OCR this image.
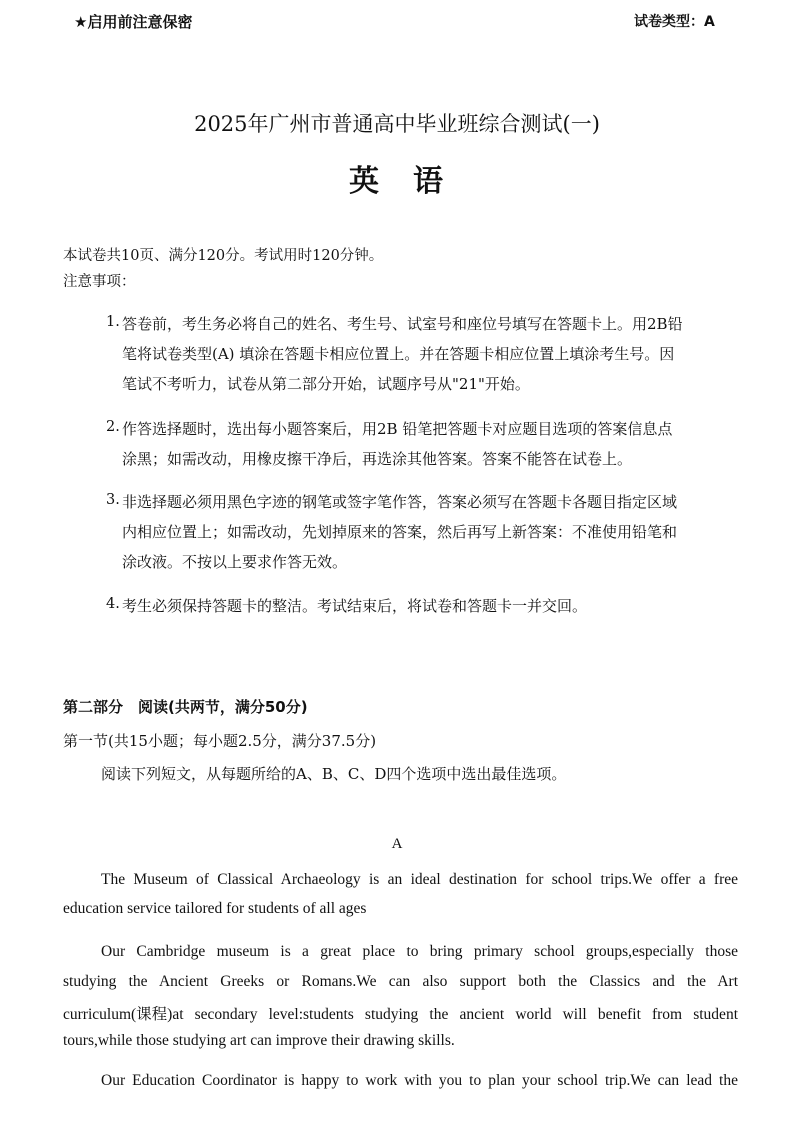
★启用前注意保密	试卷类型：A
2025年广州市普通高中毕业班综合测试(一)
英　语
本试卷共10页、满分120分。考试用时120分钟。
注意事项：
1. 答卷前，考生务必将自己的姓名、考生号、试室号和座位号填写在答题卡上。用2B铅
笔将试卷类型(A) 填涂在答题卡相应位置上。并在答题卡相应位置上填涂考生号。因
笔试不考听力，试卷从第二部分开始，试题序号从"21"开始。
2. 作答选择题时，选出每小题答案后，用2B 铅笔把答题卡对应题目选项的答案信息点
涂黑；如需改动，用橡皮擦干净后，再选涂其他答案。答案不能答在试卷上。
3. 非选择题必须用黑色字迹的钢笔或签字笔作答，答案必须写在答题卡各题目指定区域
内相应位置上；如需改动，先划掉原来的答案，然后再写上新答案：不准使用铅笔和
涂改液。不按以上要求作答无效。
4. 考生必须保持答题卡的整洁。考试结束后，将试卷和答题卡一并交回。
第二部分　阅读(共两节，满分50分)
第一节(共15小题；每小题2.5分，满分37.5分)
阅读下列短文，从每题所给的A、B、C、D四个选项中选出最佳选项。
A
The Museum of Classical Archaeology is an ideal destination for school trips.We offer a free
education service tailored for students of all ages
Our Cambridge museum is a great place to bring primary school groups,especially those
studying the Ancient Greeks or Romans.We can also support both the Classics and the Art
curriculum(课程)at secondary level:students studying the ancient world will benefit from student
tours,while those studying art can improve their drawing skills.
Our Education Coordinator is happy to work with you to plan your school trip.We can lead the
